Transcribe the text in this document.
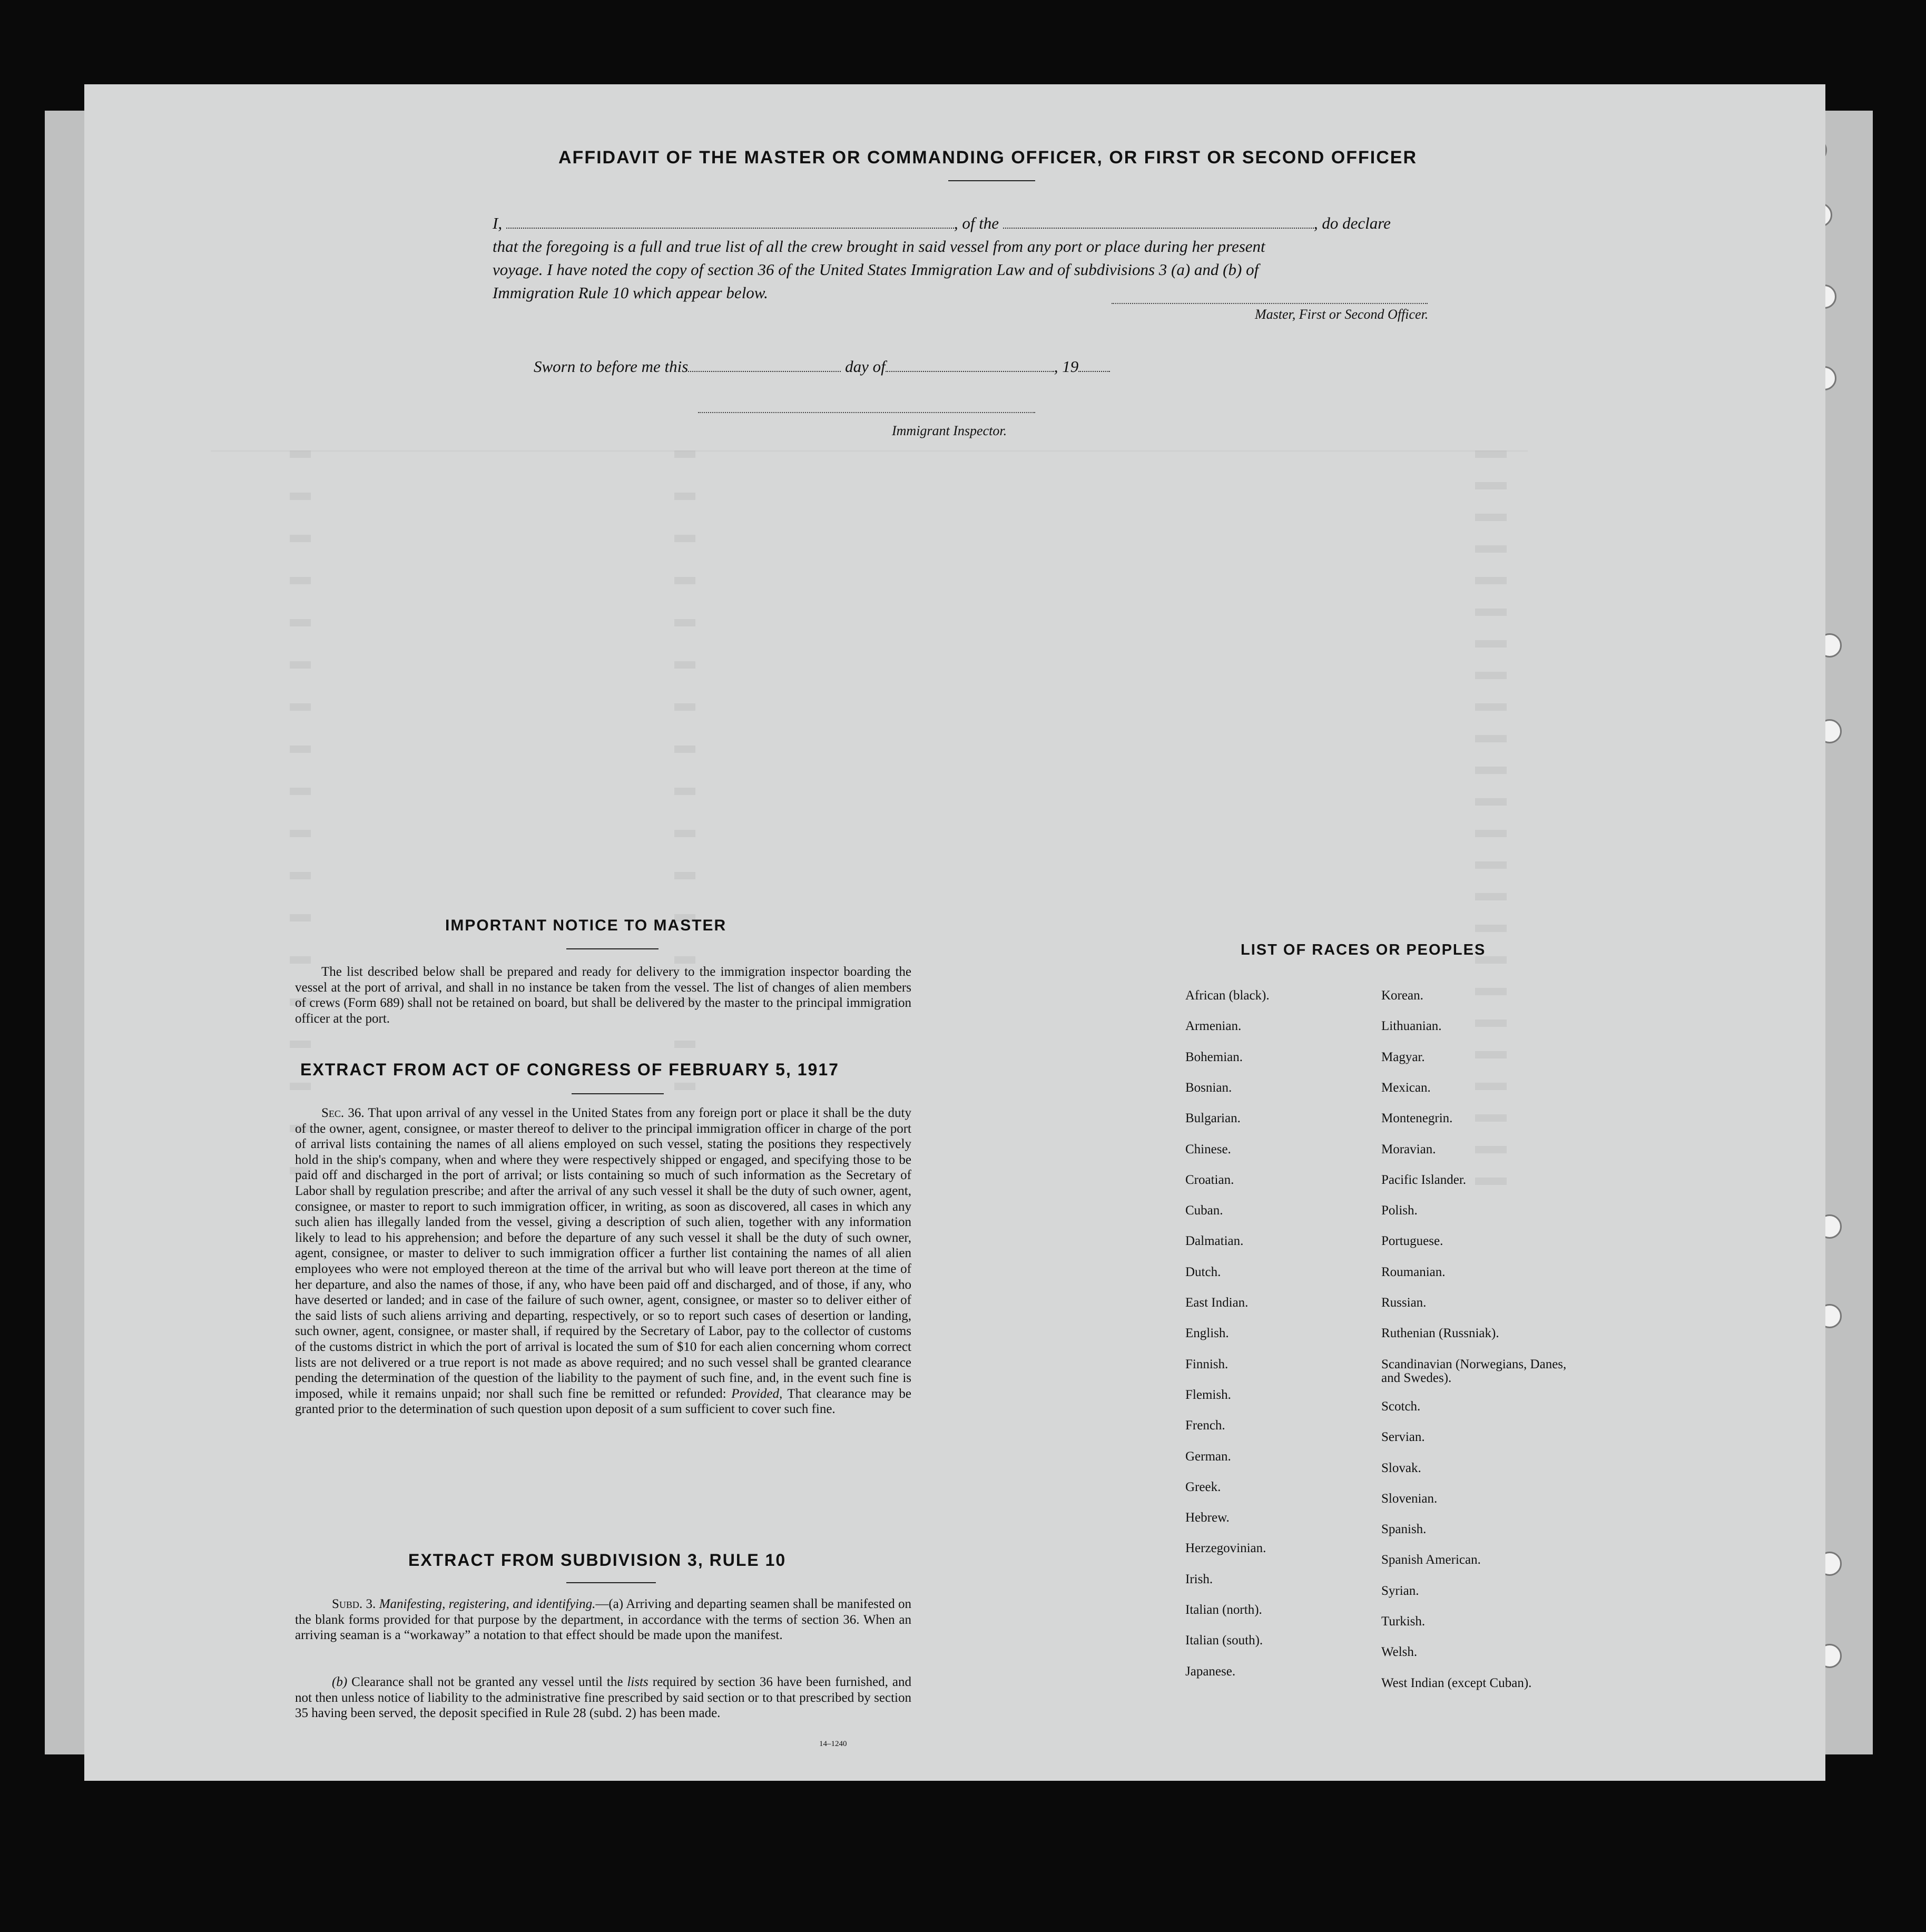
AFFIDAVIT OF THE MASTER OR COMMANDING OFFICER, OR FIRST OR SECOND OFFICER
I,	, of the	, do declare
that the foregoing is a full and true list of all the crew brought in said vessel from any port or place during her present
voyage. I have noted the copy of section 36 of the United States Immigration Law and of subdivisions 3 (a) and (b) of
Immigration Rule 10 which appear below.
Master, First or Second Officer.
Sworn to before me this	day of	, 19
Immigrant Inspector.
IMPORTANT NOTICE TO MASTER
The list described below shall be prepared and ready for delivery to the immigration inspector boarding the vessel at the port of arrival, and shall in no instance be taken from the vessel. The list of changes of alien members of crews (Form 689) shall not be retained on board, but shall be delivered by the master to the principal immigration officer at the port.
EXTRACT FROM ACT OF CONGRESS OF FEBRUARY 5, 1917
Sec. 36. That upon arrival of any vessel in the United States from any foreign port or place it shall be the duty of the owner, agent, consignee, or master thereof to deliver to the principal immigration officer in charge of the port of arrival lists containing the names of all aliens employed on such vessel, stating the positions they respectively hold in the ship's company, when and where they were respectively shipped or engaged, and specifying those to be paid off and discharged in the port of arrival; or lists containing so much of such information as the Secretary of Labor shall by regulation prescribe; and after the arrival of any such vessel it shall be the duty of such owner, agent, consignee, or master to report to such immigration officer, in writing, as soon as discovered, all cases in which any such alien has illegally landed from the vessel, giving a description of such alien, together with any information likely to lead to his apprehension; and before the departure of any such vessel it shall be the duty of such owner, agent, consignee, or master to deliver to such immigration officer a further list containing the names of all alien employees who were not employed thereon at the time of the arrival but who will leave port thereon at the time of her departure, and also the names of those, if any, who have been paid off and discharged, and of those, if any, who have deserted or landed; and in case of the failure of such owner, agent, consignee, or master so to deliver either of the said lists of such aliens arriving and departing, respectively, or so to report such cases of desertion or landing, such owner, agent, consignee, or master shall, if required by the Secretary of Labor, pay to the collector of customs of the customs district in which the port of arrival is located the sum of $10 for each alien concerning whom correct lists are not delivered or a true report is not made as above required; and no such vessel shall be granted clearance pending the determination of the question of the liability to the payment of such fine, and, in the event such fine is imposed, while it remains unpaid; nor shall such fine be remitted or refunded: Provided, That clearance may be granted prior to the determination of such question upon deposit of a sum sufficient to cover such fine.
EXTRACT FROM SUBDIVISION 3, RULE 10
Subd. 3. Manifesting, registering, and identifying.—(a) Arriving and departing seamen shall be manifested on the blank forms provided for that purpose by the department, in accordance with the terms of section 36. When an arriving seaman is a “workaway” a notation to that effect should be made upon the manifest.
(b) Clearance shall not be granted any vessel until the lists required by section 36 have been furnished, and not then unless notice of liability to the administrative fine prescribed by said section or to that prescribed by section 35 having been served, the deposit specified in Rule 28 (subd. 2) has been made.
14–1240
LIST OF RACES OR PEOPLES
African (black).
Armenian.
Bohemian.
Bosnian.
Bulgarian.
Chinese.
Croatian.
Cuban.
Dalmatian.
Dutch.
East Indian.
English.
Finnish.
Flemish.
French.
German.
Greek.
Hebrew.
Herzegovinian.
Irish.
Italian (north).
Italian (south).
Japanese.
Korean.
Lithuanian.
Magyar.
Mexican.
Montenegrin.
Moravian.
Pacific Islander.
Polish.
Portuguese.
Roumanian.
Russian.
Ruthenian (Russniak).
Scandinavian (Norwegians, Danes, and Swedes).
Scotch.
Servian.
Slovak.
Slovenian.
Spanish.
Spanish American.
Syrian.
Turkish.
Welsh.
West Indian (except Cuban).
